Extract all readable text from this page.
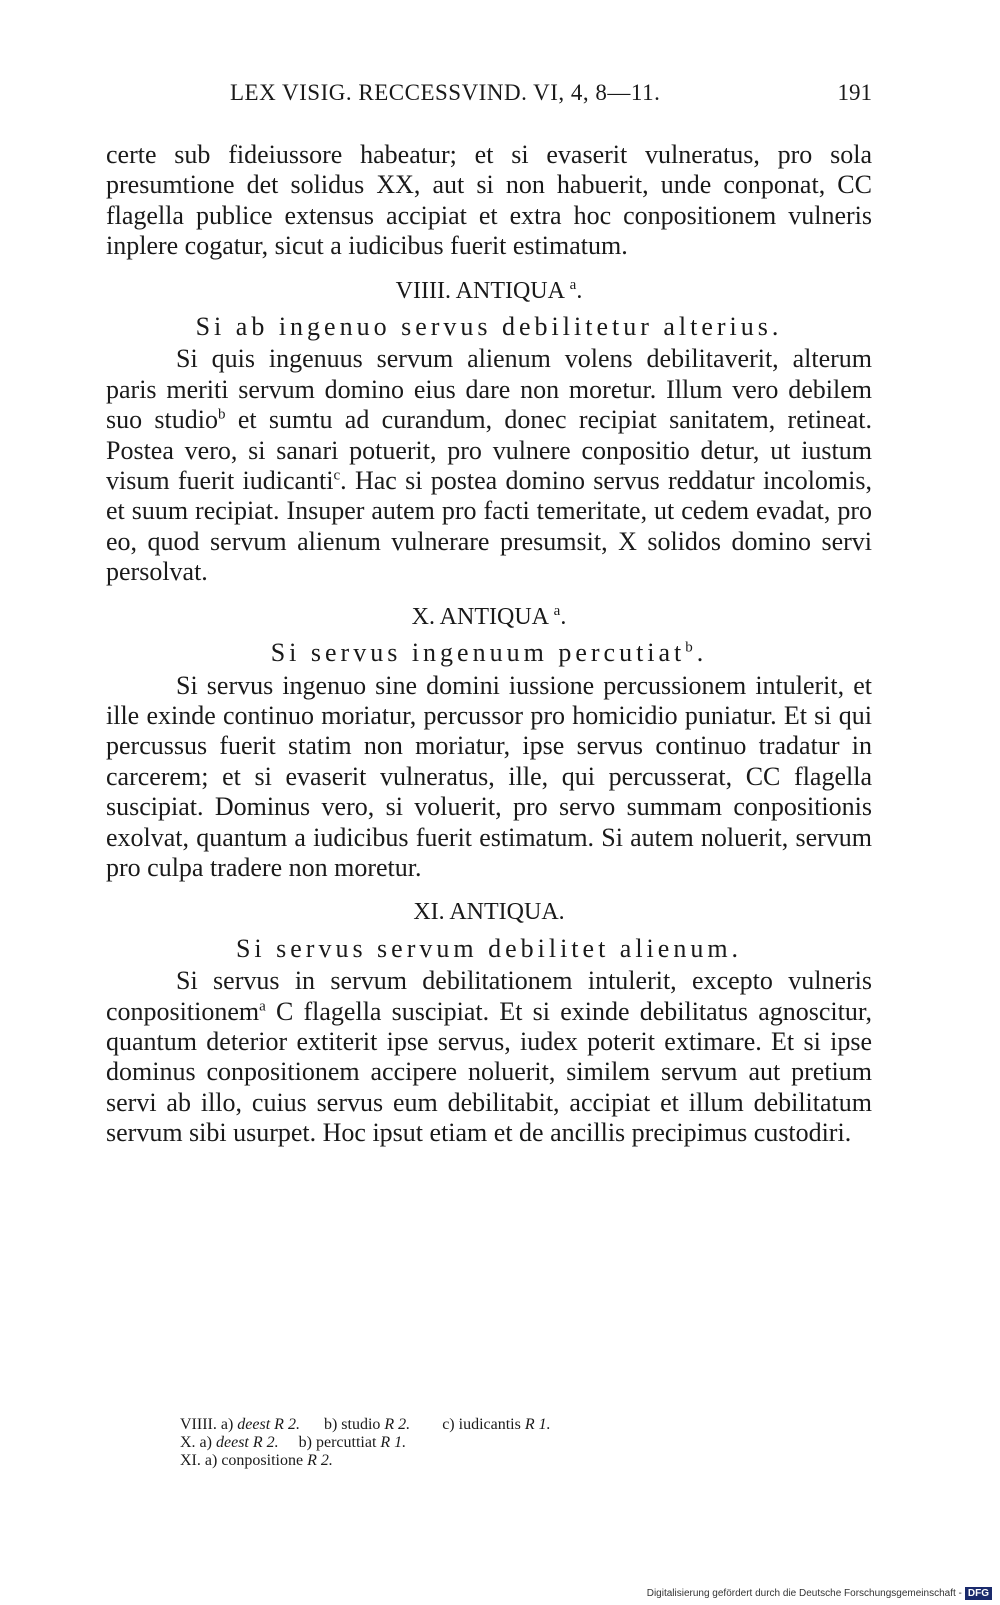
LEX VISIG. RECCESSVIND. VI, 4, 8—11.	191

certe sub fideiussore habeatur; et si evaserit vulneratus, pro sola presumtione det solidus XX, aut si non habuerit, unde conponat, CC flagella publice extensus accipiat et extra hoc conpositionem vulneris inplere cogatur, sicut a iudicibus fuerit estimatum.

VIIII. ANTIQUA $^a$.
Si ab ingenuo servus debilitetur alterius.

Si quis ingenuus servum alienum volens debilitaverit, alterum paris meriti servum domino eius dare non moretur. Illum vero debilem suo studio$^b$ et sumtu ad curandum, donec recipiat sanitatem, retineat. Postea vero, si sanari potuerit, pro vulnere conpositio detur, ut iustum visum fuerit iudicanti$^c$. Hac si postea domino servus reddatur incolomis, et suum recipiat. Insuper autem pro facti temeritate, ut cedem evadat, pro eo, quod servum alienum vulnerare presumsit, X solidos domino servi persolvat.

X. ANTIQUA $^a$.
Si servus ingenuum percutiat$^b$.

Si servus ingenuo sine domini iussione percussionem intulerit, et ille exinde continuo moriatur, percussor pro homicidio puniatur. Et si qui percussus fuerit statim non moriatur, ipse servus continuo tradatur in carcerem; et si evaserit vulneratus, ille, qui percusserat, CC flagella suscipiat. Dominus vero, si voluerit, pro servo summam conpositionis exolvat, quantum a iudicibus fuerit estimatum. Si autem noluerit, servum pro culpa tradere non moretur.

XI. ANTIQUA.
Si servus servum debilitet alienum.

Si servus in servum debilitationem intulerit, excepto vulneris conpositionem$^a$ C flagella suscipiat. Et si exinde debilitatus agnoscitur, quantum deterior extiterit ipse servus, iudex poterit extimare. Et si ipse dominus conpositionem accipere noluerit, similem servum aut pretium servi ab illo, cuius servus eum debilitabit, accipiat et illum debilitatum servum sibi usurpet. Hoc ipsut etiam et de ancillis precipimus custodiri.

VIIII. a) deest R 2. b) studio R 2. c) iudicantis R 1.
X. a) deest R 2. b) percuttiat R 1.
XI. a) conpositione R 2.
Digitalisierung gefördert durch die Deutsche Forschungsgemeinschaft - DFG
